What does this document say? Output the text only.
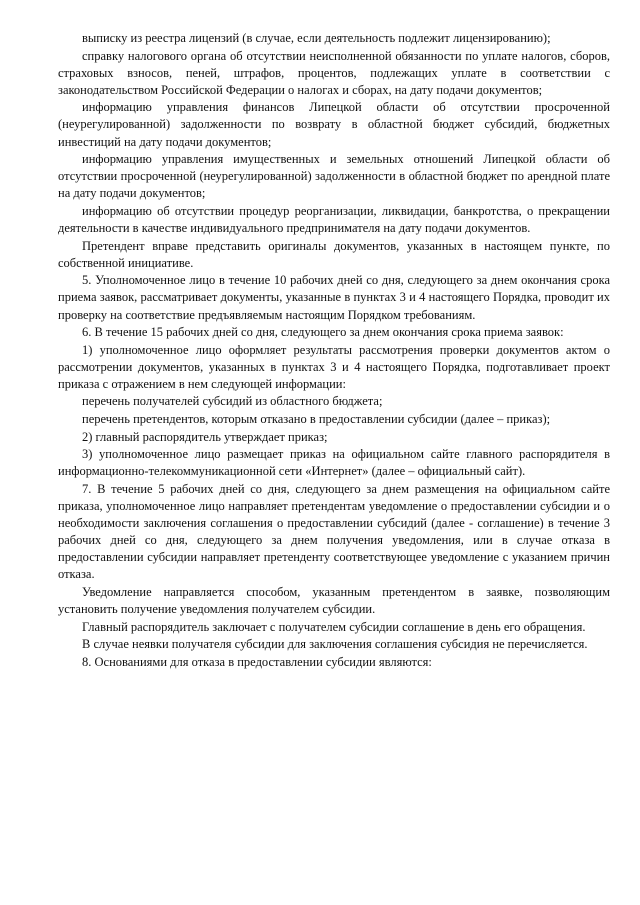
выписку из реестра лицензий (в случае, если деятельность подлежит лицензированию);

справку налогового органа об отсутствии неисполненной обязанности по уплате налогов, сборов, страховых взносов, пеней, штрафов, процентов, подлежащих уплате в соответствии с законодательством Российской Федерации о налогах и сборах, на дату подачи документов;

информацию управления финансов Липецкой области об отсутствии просроченной (неурегулированной) задолженности по возврату в областной бюджет субсидий, бюджетных инвестиций на дату подачи документов;

информацию управления имущественных и земельных отношений Липецкой области об отсутствии просроченной (неурегулированной) задолженности в областной бюджет по арендной плате на дату подачи документов;

информацию об отсутствии процедур реорганизации, ликвидации, банкротства, о прекращении деятельности в качестве индивидуального предпринимателя на дату подачи документов.

Претендент вправе представить оригиналы документов, указанных в настоящем пункте, по собственной инициативе.

5. Уполномоченное лицо в течение 10 рабочих дней со дня, следующего за днем окончания срока приема заявок, рассматривает документы, указанные в пунктах 3 и 4 настоящего Порядка, проводит их проверку на соответствие предъявляемым настоящим Порядком требованиям.

6. В течение 15 рабочих дней со дня, следующего за днем окончания срока приема заявок:

1) уполномоченное лицо оформляет результаты рассмотрения проверки документов актом о рассмотрении документов, указанных в пунктах 3 и 4 настоящего Порядка, подготавливает проект приказа с отражением в нем следующей информации:

перечень получателей субсидий из областного бюджета;

перечень претендентов, которым отказано в предоставлении субсидии (далее – приказ);

2) главный распорядитель утверждает приказ;

3) уполномоченное лицо размещает приказ на официальном сайте главного распорядителя в информационно-телекоммуникационной сети «Интернет» (далее – официальный сайт).

7. В течение 5 рабочих дней со дня, следующего за днем размещения на официальном сайте приказа, уполномоченное лицо направляет претендентам уведомление о предоставлении субсидии и о необходимости заключения соглашения о предоставлении субсидий (далее - соглашение) в течение 3 рабочих дней со дня, следующего за днем получения уведомления, или в случае отказа в предоставлении субсидии направляет претенденту соответствующее уведомление с указанием причин отказа.

Уведомление направляется способом, указанным претендентом в заявке, позволяющим установить получение уведомления получателем субсидии.

Главный распорядитель заключает с получателем субсидии соглашение в день его обращения.

В случае неявки получателя субсидии для заключения соглашения субсидия не перечисляется.

8. Основаниями для отказа в предоставлении субсидии являются:
